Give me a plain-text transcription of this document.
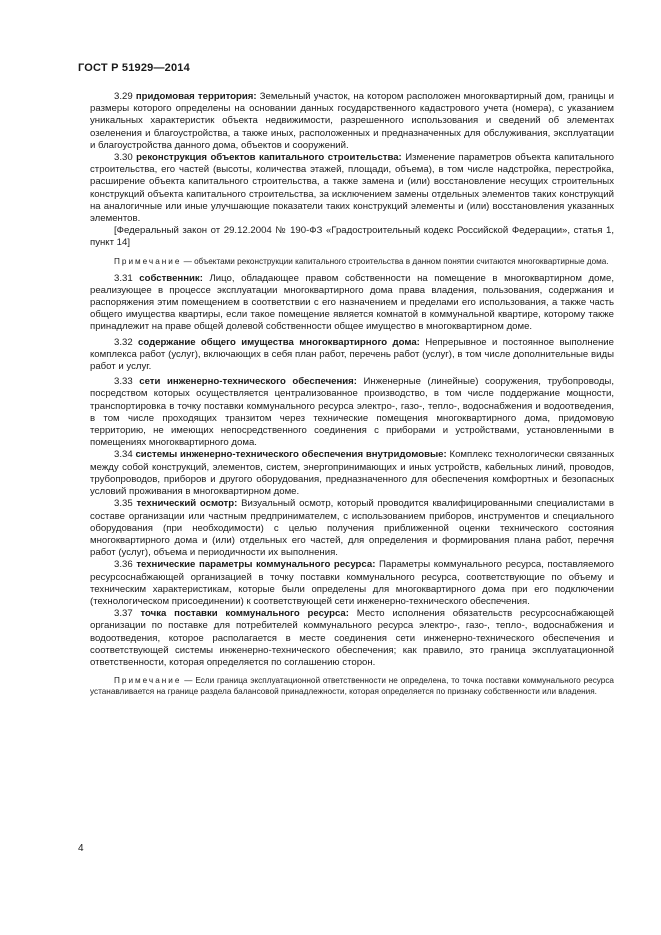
ГОСТ Р 51929—2014

3.29 придомовая территория: Земельный участок, на котором расположен многоквартирный дом, границы и размеры которого определены на основании данных государственного кадастрового учета (номера), с указанием уникальных характеристик объекта недвижимости, разрешенного использования и сведений об элементах озеленения и благоустройства, а также иных, расположенных и предназначенных для обслуживания, эксплуатации и благоустройства данного дома, объектов и сооружений.

3.30 реконструкция объектов капитального строительства: Изменение параметров объекта капитального строительства, его частей (высоты, количества этажей, площади, объема), в том числе надстройка, перестройка, расширение объекта капитального строительства, а также замена и (или) восстановление несущих строительных конструкций объекта капитального строительства, за исключением замены отдельных элементов таких конструкций на аналогичные или иные улучшающие показатели таких конструкций элементы и (или) восстановления указанных элементов.

[Федеральный закон от 29.12.2004 № 190-ФЗ «Градостроительный кодекс Российской Федерации», статья 1, пункт 14]

Примечание — объектами реконструкции капитального строительства в данном понятии считаются многоквартирные дома.

3.31 собственник: Лицо, обладающее правом собственности на помещение в многоквартирном доме, реализующее в процессе эксплуатации многоквартирного дома права владения, пользования, содержания и распоряжения этим помещением в соответствии с его назначением и пределами его использования, а также часть общего имущества квартиры, если такое помещение является комнатой в коммунальной квартире, которому также принадлежит на праве общей долевой собственности общее имущество в многоквартирном доме.

3.32 содержание общего имущества многоквартирного дома: Непрерывное и постоянное выполнение комплекса работ (услуг), включающих в себя план работ, перечень работ (услуг), в том числе дополнительные виды работ и услуг.

3.33 сети инженерно-технического обеспечения: Инженерные (линейные) сооружения, трубопроводы, посредством которых осуществляется централизованное производство, в том числе поддержание мощности, транспортировка в точку поставки коммунального ресурса электро-, газо-, тепло-, водоснабжения и водоотведения, в том числе проходящих транзитом через технические помещения многоквартирного дома, придомовую территорию, не имеющих непосредственного соединения с приборами и устройствами, установленными в помещениях многоквартирного дома.

3.34 системы инженерно-технического обеспечения внутридомовые: Комплекс технологически связанных между собой конструкций, элементов, систем, энергопринимающих и иных устройств, кабельных линий, проводов, трубопроводов, приборов и другого оборудования, предназначенного для обеспечения комфортных и безопасных условий проживания в многоквартирном доме.

3.35 технический осмотр: Визуальный осмотр, который проводится квалифицированными специалистами в составе организации или частным предпринимателем, с использованием приборов, инструментов и специального оборудования (при необходимости) с целью получения приближенной оценки технического состояния многоквартирного дома и (или) отдельных его частей, для определения и формирования плана работ, перечня работ (услуг), объема и периодичности их выполнения.

3.36 технические параметры коммунального ресурса: Параметры коммунального ресурса, поставляемого ресурсоснабжающей организацией в точку поставки коммунального ресурса, соответствующие по объему и техническим характеристикам, которые были определены для многоквартирного дома при его подключении (технологическом присоединении) к соответствующей сети инженерно-технического обеспечения.

3.37 точка поставки коммунального ресурса: Место исполнения обязательств ресурсоснабжающей организации по поставке для потребителей коммунального ресурса электро-, газо-, тепло-, водоснабжения и водоотведения, которое располагается в месте соединения сети инженерно-технического обеспечения и соответствующей системы инженерно-технического обеспечения; как правило, это граница эксплуатационной ответственности, которая определяется по соглашению сторон.

Примечание — Если граница эксплуатационной ответственности не определена, то точка поставки коммунального ресурса устанавливается на границе раздела балансовой принадлежности, которая определяется по признаку собственности или владения.

4
